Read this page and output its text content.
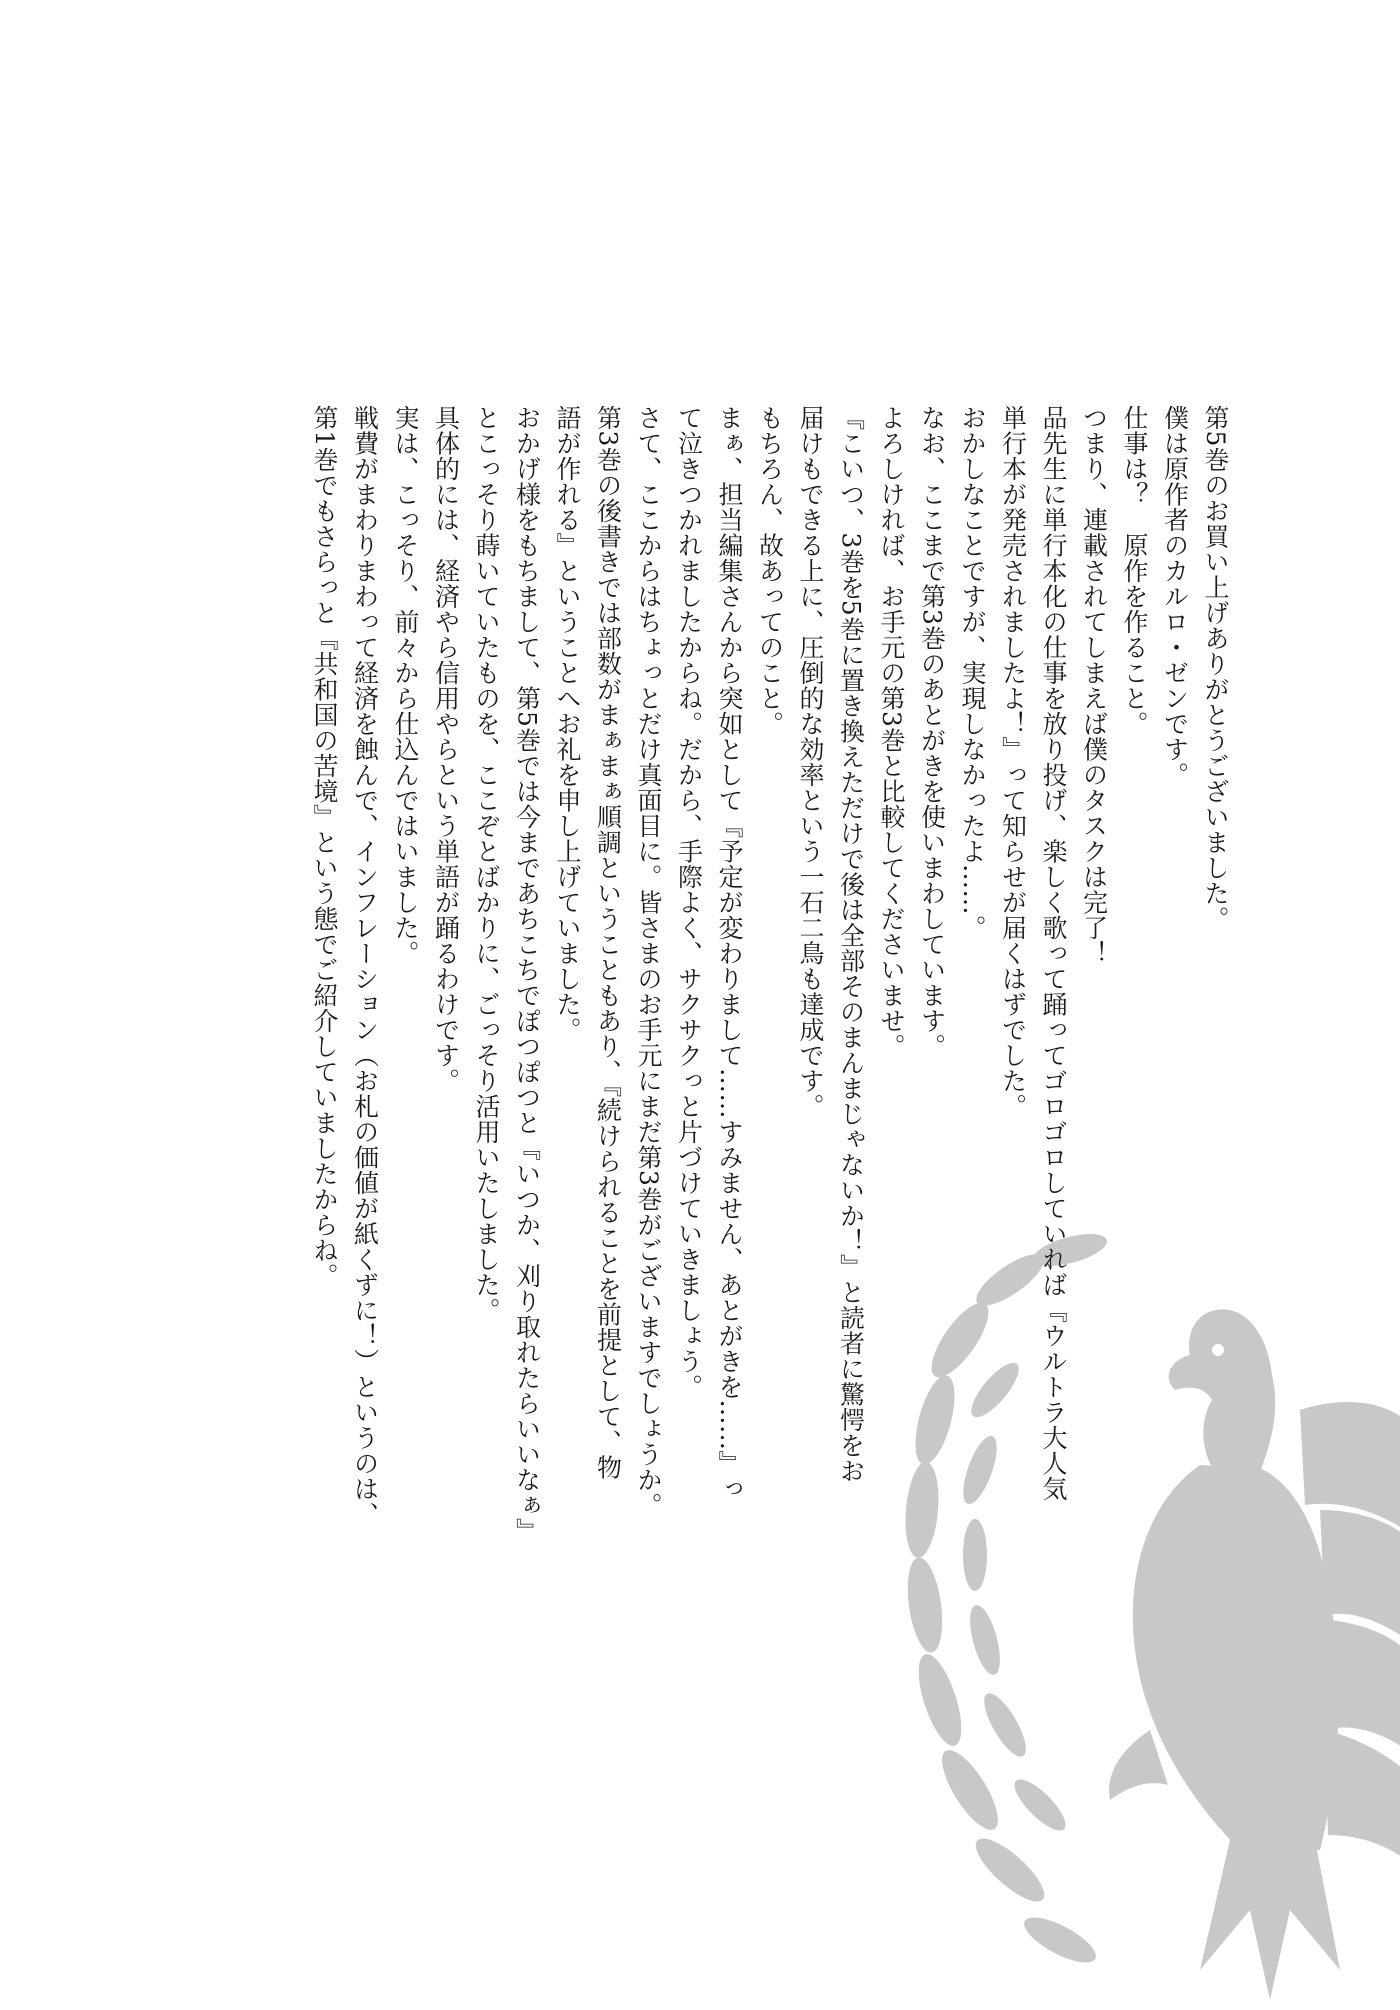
第5巻のお買い上げありがとうございました。
僕は原作者のカルロ・ゼンです。
仕事は？　原作を作ること。
つまり、連載されてしまえば僕のタスクは完了！
品先生に単行本化の仕事を放り投げ、楽しく歌って踊ってゴロゴロしていれば『ウルトラ大人気
単行本が発売されましたよ！』って知らせが届くはずでした。
おかしなことですが、実現しなかったよ……。
なお、ここまで第3巻のあとがきを使いまわしています。
よろしければ、お手元の第3巻と比較してくださいませ。
『こいつ、3巻を5巻に置き換えただけで後は全部そのまんまじゃないか！』と読者に驚愕をお
届けもできる上に、圧倒的な効率という一石二鳥も達成です。
もちろん、故あってのこと。
まぁ、担当編集さんから突如として『予定が変わりまして……すみません、あとがきを……』っ
て泣きつかれましたからね。だから、手際よく、サクサクっと片づけていきましょう。
さて、ここからはちょっとだけ真面目に。皆さまのお手元にまだ第3巻がございますでしょうか。
第3巻の後書きでは部数がまぁまぁ順調ということもあり、『続けられることを前提として、物
語が作れる』ということへお礼を申し上げていました。
おかげ様をもちまして、第5巻では今まであちこちでぽつぽつと『いつか、刈り取れたらいいなぁ』
とこっそり蒔いていたものを、ここぞとばかりに、ごっそり活用いたしました。
具体的には、経済やら信用やらという単語が踊るわけです。
実は、こっそり、前々から仕込んではいました。
戦費がまわりまわって経済を蝕んで、インフレーション（お札の価値が紙くずに！）というのは、
第1巻でもさらっと『共和国の苦境』という態でご紹介していましたからね。
